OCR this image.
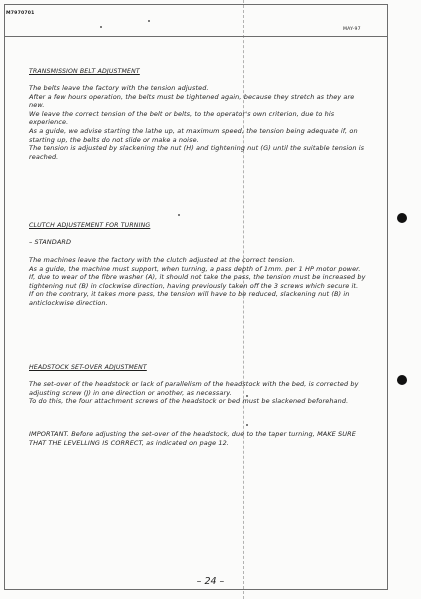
M7970701
MAY-97
TRANSMISSION BELT ADJUSTMENT

The belts leave the factory with the tension adjusted.

After a few hours operation, the belts must be tightened again, because they stretch as they are new.

We leave the correct tension of the belt or belts, to the operator's own criterion, due to his experience.

As a guide, we advise starting the lathe up, at maximum speed, the tension being adequate if, on starting up, the belts do not slide or make a noise.

The tension is adjusted by slackening the nut (H) and tightening nut (G) until the suitable tension is reached.

CLUTCH ADJUSTEMENT FOR TURNING
– STANDARD

The machines leave the factory with the clutch adjusted at the correct tension.

As a guide, the machine must support, when turning, a pass depth of 1mm. per 1 HP motor power.

If, due to wear of the fibre washer (A), it should not take the pass, the tension must be increased by tightening nut (B) in clockwise direction, having previously taken off the 3 screws which secure it.

If on the contrary, it takes more pass, the tension will have to be reduced, slackening nut (B) in anticlockwise direction.

HEADSTOCK SET-OVER ADJUSTMENT

The set-over of the headstock or lack of parallelism of the headstock with the bed, is corrected by adjusting screw (J) in one direction or another, as necessary.

To do this, the four attachment screws of the headstock or bed must be slackened beforehand.

IMPORTANT. Before adjusting the set-over of the headstock, due to the taper turning, MAKE SURE THAT THE LEVELLING IS CORRECT, as indicated on page 12.
– 24 –
